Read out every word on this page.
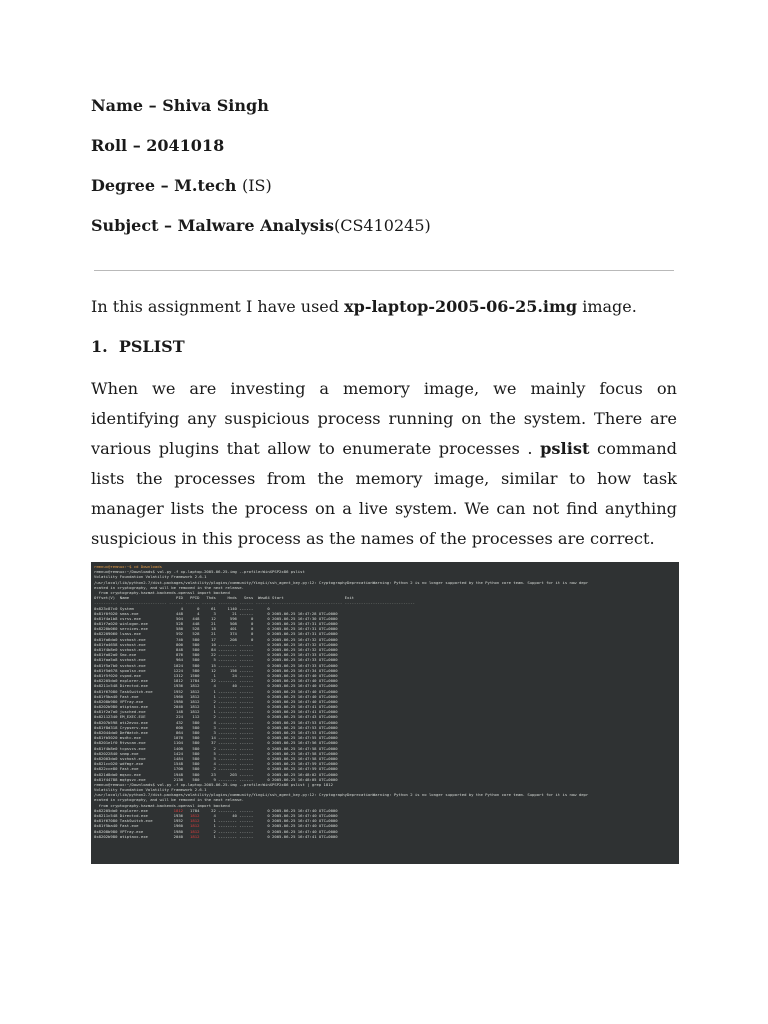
Name – Shiva Singh
Roll – 2041018
Degree – M.tech (IS)
Subject – Malware Analysis(CS410245)
In this assignment I have used xp-laptop-2005-06-25.img image.
1. PSLIST
When we are investing a memory image, we mainly focus on identifying any suspicious process running on the system. There are various plugins that allow to enumerate processes . pslist command lists the processes from the memory image, similar to how task manager lists the process on a live system. We can not find anything suspicious in this process as the names of the processes are correct.
remnux@remnux:~$ cd Downloads
remnux@remnux:~/Downloads$ vol.py -f xp-laptop-2005-06-25.img --profile=WinXPSP2x86 pslist
Volatility Foundation Volatility Framework 2.6.1
/usr/local/lib/python2.7/dist-packages/volatility/plugins/community/YingLi/ssh_agent_key.py:12: CryptographyDeprecationWarning: Python 2 is no longer supported by the Python core team. Support for it is now depr
ecated in cryptography, and will be removed in the next release.
from cryptography.hazmat.backends.openssl import backend
Offset(V)  Name                    PID   PPID   Thds     Hnds   Sess  Wow64 Start                          Exit
---------- -------------------- ------ ------ ------ -------- ------ ------ ------------------------------ ------------------------------
0x823c87c0 System                    4      0     61     1140 ------      0
0x81f0f020 smss.exe                448      4      3       21 ------      0 2005-06-25 16:47:28 UTC+0000
0x81f4a1b8 csrss.exe               504    448     12      596      0      0 2005-06-25 16:47:30 UTC+0000
0x81f7a020 winlogon.exe            528    448     21      508      0      0 2005-06-25 16:47:31 UTC+0000
0x8220b060 services.exe            580    528     18      401      0      0 2005-06-25 16:47:31 UTC+0000
0x82209060 lsass.exe               592    528     21      374      0      0 2005-06-25 16:47:31 UTC+0000
0x81fa6da0 svchost.exe             740    580     17      208      0      0 2005-06-25 16:47:32 UTC+0000
0x81fa4658 svchost.exe             800    580     10 -------- ------      0 2005-06-25 16:47:32 UTC+0000
0x81f4b8e0 svchost.exe             848    580     84 -------- ------      0 2005-06-25 16:47:32 UTC+0000
0x81fa02a0 Smc.exe                 876    580     22 -------- ------      0 2005-06-25 16:47:33 UTC+0000
0x81faa5a8 svchost.exe             964    580      5 -------- ------      0 2005-06-25 16:47:33 UTC+0000
0x81f5a7b0 svchost.exe            1024    580     15 -------- ------      0 2005-06-25 16:47:33 UTC+0000
0x81f5d678 spoolsv.exe            1224    580     12      156 ------      0 2005-06-25 16:47:34 UTC+0000
0x81f5f020 cvpnd.exe              1312   1500      1       24 ------      0 2005-06-25 16:47:40 UTC+0000
0x82205da0 explorer.exe           1812   1784     22 -------- ------      0 2005-06-25 16:47:40 UTC+0000
0x8211c548 Directcd.exe           1936   1812      4       40 ------      0 2005-06-25 16:47:40 UTC+0000
0x81f67080 TaskSwitch.exe         1952   1812      1 -------- ------      0 2005-06-25 16:47:40 UTC+0000
0x81f5ba40 Fast.exe               1960   1812      1 -------- ------      0 2005-06-25 16:47:40 UTC+0000
0x8208b980 VPTray.exe             1980   1812      2 -------- ------      0 2005-06-25 16:47:40 UTC+0000
0x8202b980 atiptaxx.exe           2040   1812      1 -------- ------      0 2005-06-25 16:47:41 UTC+0000
0x81f2a7a0 jusched.exe             148   1812      1 -------- ------      0 2005-06-25 16:47:41 UTC+0000
0x82112340 EM_EXEC.EXE             224    112      2 -------- ------      0 2005-06-25 16:47:43 UTC+0000
0x8207b598 ati2evxx.exe            432    580      4 -------- ------      0 2005-06-25 16:47:53 UTC+0000
0x81f8d318 Crypserv.exe            600    580      3 -------- ------      0 2005-06-25 16:47:53 UTC+0000
0x82044da0 DefWatch.exe            864    580      3 -------- ------      0 2005-06-25 16:47:53 UTC+0000
0x81fb5020 msdtc.exe              1076    580     14 -------- ------      0 2005-06-25 16:47:55 UTC+0000
0x8201e1f0 Rtvscan.exe            1104    580     37 -------- ------      0 2005-06-25 16:47:56 UTC+0000
0x81f4b8e0 tcpsvcs.exe            1400    580      2 -------- ------      0 2005-06-25 16:47:58 UTC+0000
0x82022840 snmp.exe               1424    580      5 -------- ------      0 2005-06-25 16:47:58 UTC+0000
0x82003da0 svchost.exe            1484    580      5 -------- ------      0 2005-06-25 16:47:58 UTC+0000
0x821cc020 wdfmgr.exe             1548    580      4 -------- ------      0 2005-06-25 16:47:59 UTC+0000
0x822cce80 Fast.exe               1700    580      2 -------- ------      0 2005-06-25 16:47:59 UTC+0000
0x821d8da0 mqsvc.exe              1948    580     23      203 ------      0 2005-06-25 16:48:02 UTC+0000
0x81f44788 mqtgsvc.exe            2136    580      9 -------- ------      0 2005-06-25 16:48:05 UTC+0000
remnux@remnux:~/Downloads$ vol.py -f xp-laptop-2005-06-25.img --profile=WinXPSP2x86 pslist | grep 1812
Volatility Foundation Volatility Framework 2.6.1
/usr/local/lib/python2.7/dist-packages/volatility/plugins/community/YingLi/ssh_agent_key.py:12: CryptographyDeprecationWarning: Python 2 is no longer supported by the Python core team. Support for it is now depr
ecated in cryptography, and will be removed in the next release.
from cryptography.hazmat.backends.openssl import backend
0x82205da0 explorer.exe           1812   1784     22 -------- ------      0 2005-06-25 16:47:40 UTC+0000
0x8211c548 Directcd.exe           1936   1812      4       40 ------      0 2005-06-25 16:47:40 UTC+0000
0x81f67080 TaskSwitch.exe         1952   1812      1 -------- ------      0 2005-06-25 16:47:40 UTC+0000
0x81f5ba40 Fast.exe               1960   1812      1 -------- ------      0 2005-06-25 16:47:40 UTC+0000
0x8208b980 VPTray.exe             1980   1812      2 -------- ------      0 2005-06-25 16:47:40 UTC+0000
0x8202b980 atiptaxx.exe           2040   1812      1 -------- ------      0 2005-06-25 16:47:41 UTC+0000
